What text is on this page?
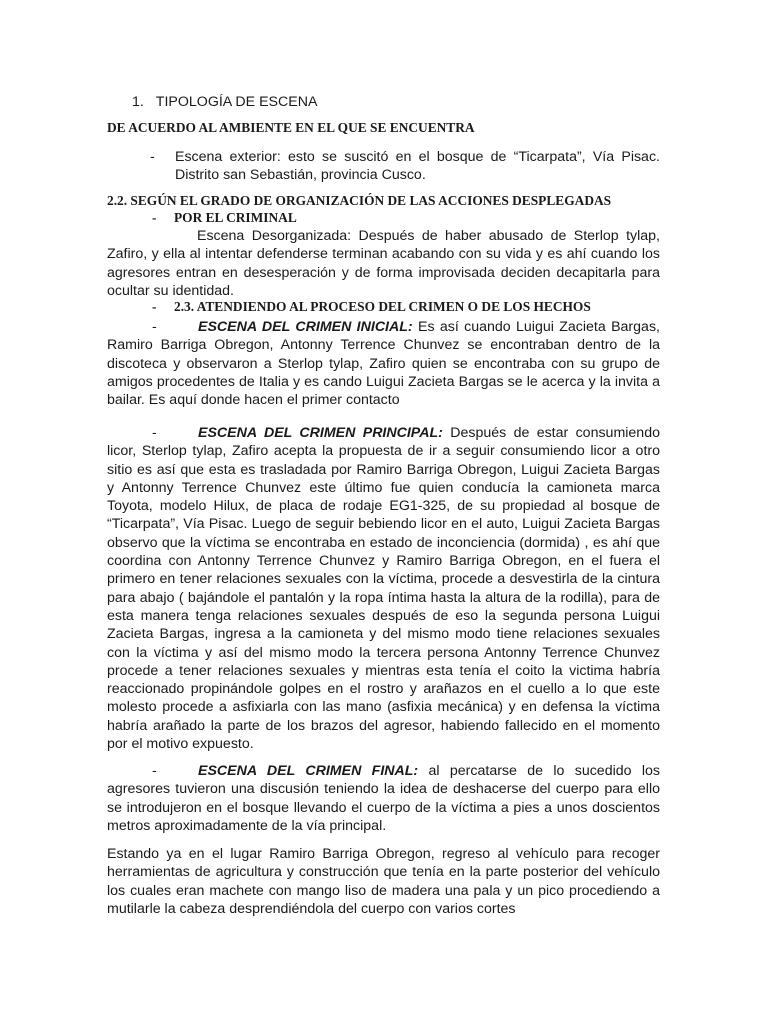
1. TIPOLOGÍA DE ESCENA
DE ACUERDO AL AMBIENTE EN EL QUE SE ENCUENTRA
- Escena exterior: esto se suscitó en el bosque de “Ticarpata”, Vía Pisac. Distrito san Sebastián, provincia Cusco.
2.2. SEGÚN EL GRADO DE ORGANIZACIÓN DE LAS ACCIONES DESPLEGADAS
- POR EL CRIMINAL
Escena Desorganizada: Después de haber abusado de Sterlop tylap, Zafiro, y ella al intentar defenderse terminan acabando con su vida y es ahí cuando los agresores entran en desesperación y de forma improvisada deciden decapitarla para ocultar su identidad.
- 2.3. ATENDIENDO AL PROCESO DEL CRIMEN O DE LOS HECHOS
ESCENA DEL CRIMEN INICIAL: Es así cuando Luigui Zacieta Bargas, Ramiro Barriga Obregon, Antonny Terrence Chunvez se encontraban dentro de la discoteca y observaron a Sterlop tylap, Zafiro quien se encontraba con su grupo de amigos procedentes de Italia y es cando Luigui Zacieta Bargas se le acerca y la invita a bailar. Es aquí donde hacen el primer contacto
-
ESCENA DEL CRIMEN PRINCIPAL: Después de estar consumiendo licor, Sterlop tylap, Zafiro acepta la propuesta de ir a seguir consumiendo licor a otro sitio es así que esta es trasladada por Ramiro Barriga Obregon, Luigui Zacieta Bargas y Antonny Terrence Chunvez este último fue quien conducía la camioneta marca Toyota, modelo Hilux, de placa de rodaje EG1-325, de su propiedad al bosque de “Ticarpata”, Vía Pisac. Luego de seguir bebiendo licor en el auto, Luigui Zacieta Bargas observo que la víctima se encontraba en estado de inconciencia (dormida) , es ahí que coordina con Antonny Terrence Chunvez y Ramiro Barriga Obregon, en el fuera el primero en tener relaciones sexuales con la víctima, procede a desvestirla de la cintura para abajo ( bajándole el pantalón y la ropa íntima hasta la altura de la rodilla), para de esta manera tenga relaciones sexuales después de eso la segunda persona Luigui Zacieta Bargas, ingresa a la camioneta y del mismo modo tiene relaciones sexuales con la víctima y así del mismo modo la tercera persona Antonny Terrence Chunvez procede a tener relaciones sexuales y mientras esta tenía el coito la victima habría reaccionado propinándole golpes en el rostro y arañazos en el cuello a lo que este molesto procede a asfixiarla con las mano (asfixia mecánica) y en defensa la víctima habría arañado la parte de los brazos del agresor, habiendo fallecido en el momento por el motivo expuesto.
-
ESCENA DEL CRIMEN FINAL: al percatarse de lo sucedido los agresores tuvieron una discusión teniendo la idea de deshacerse del cuerpo para ello se introdujeron en el bosque llevando el cuerpo de la víctima a pies a unos doscientos metros aproximadamente de la vía principal.
-
Estando ya en el lugar Ramiro Barriga Obregon, regreso al vehículo para recoger herramientas de agricultura y construcción que tenía en la parte posterior del vehículo los cuales eran machete con mango liso de madera una pala y un pico procediendo a mutilarle la cabeza desprendiéndola del cuerpo con varios cortes
